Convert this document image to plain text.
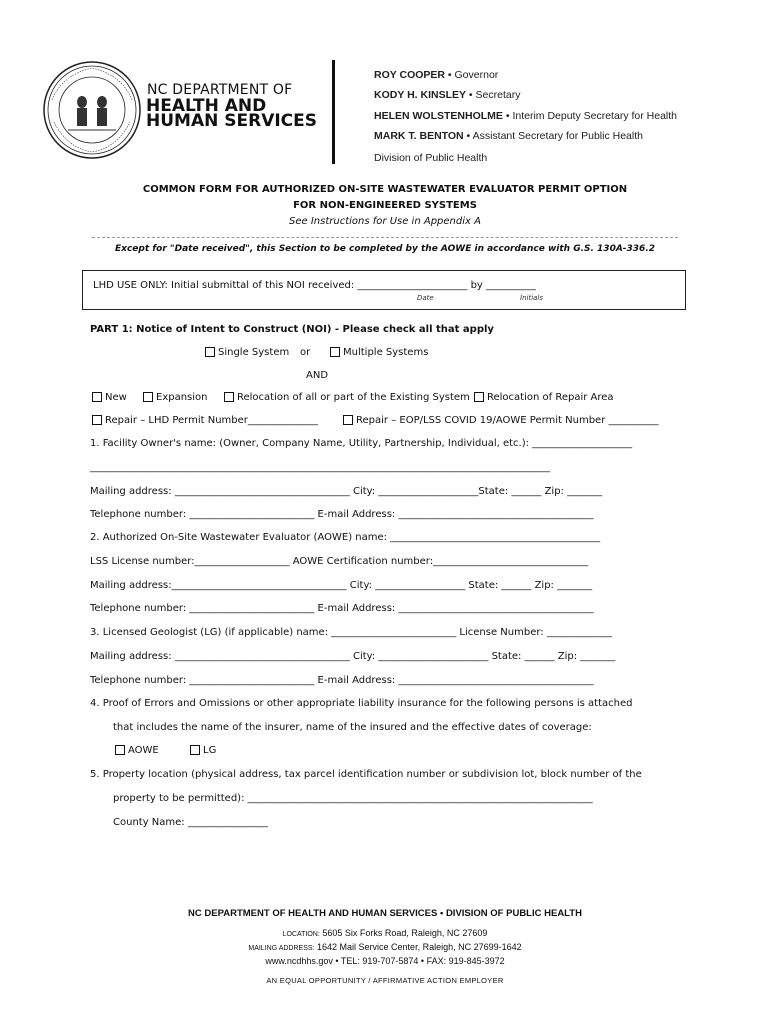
NC DEPARTMENT OF
HEALTH AND
HUMAN SERVICES
ROY COOPER • Governor
KODY H. KINSLEY • Secretary
HELEN WOLSTENHOLME • Interim Deputy Secretary for Health
MARK T. BENTON • Assistant Secretary for Public Health
Division of Public Health
COMMON FORM FOR AUTHORIZED ON-SITE WASTEWATER EVALUATOR PERMIT OPTION
FOR NON-ENGINEERED SYSTEMS
See Instructions for Use in Appendix A
Except for "Date received", this Section to be completed by the AOWE in accordance with G.S. 130A-336.2
LHD USE ONLY: Initial submittal of this NOI received: ______________________ by __________
Date	Initials
PART 1: Notice of Intent to Construct (NOI) - Please check all that apply
Single System or	Multiple Systems
AND
New	Expansion	Relocation of all or part of the Existing System	Relocation of Repair Area
Repair – LHD Permit Number______________	Repair – EOP/LSS COVID 19/AOWE Permit Number __________
1. Facility Owner's name: (Owner, Company Name, Utility, Partnership, Individual, etc.): ____________________
____________________________________________________________________________________________
Mailing address: ___________________________________ City: ____________________State: ______ Zip: _______
Telephone number: _________________________ E-mail Address: _______________________________________
2. Authorized On-Site Wastewater Evaluator (AOWE) name: __________________________________________
LSS License number:___________________ AOWE Certification number:_______________________________
Mailing address:___________________________________ City: __________________ State: ______ Zip: _______
Telephone number: _________________________ E-mail Address: _______________________________________
3. Licensed Geologist (LG) (if applicable) name: _________________________ License Number: _____________
Mailing address: ___________________________________ City: ______________________ State: ______ Zip: _______
Telephone number: _________________________ E-mail Address: _______________________________________
4. Proof of Errors and Omissions or other appropriate liability insurance for the following persons is attached
that includes the name of the insurer, name of the insured and the effective dates of coverage:
AOWE	LG
5. Property location (physical address, tax parcel identification number or subdivision lot, block number of the
property to be permitted): _____________________________________________________________________
County Name: ________________
NC DEPARTMENT OF HEALTH AND HUMAN SERVICES • DIVISION OF PUBLIC HEALTH
LOCATION: 5605 Six Forks Road, Raleigh, NC 27609
MAILING ADDRESS: 1642 Mail Service Center, Raleigh, NC 27699-1642
www.ncdhhs.gov • TEL: 919-707-5874 • FAX: 919-845-3972
AN EQUAL OPPORTUNITY / AFFIRMATIVE ACTION EMPLOYER
